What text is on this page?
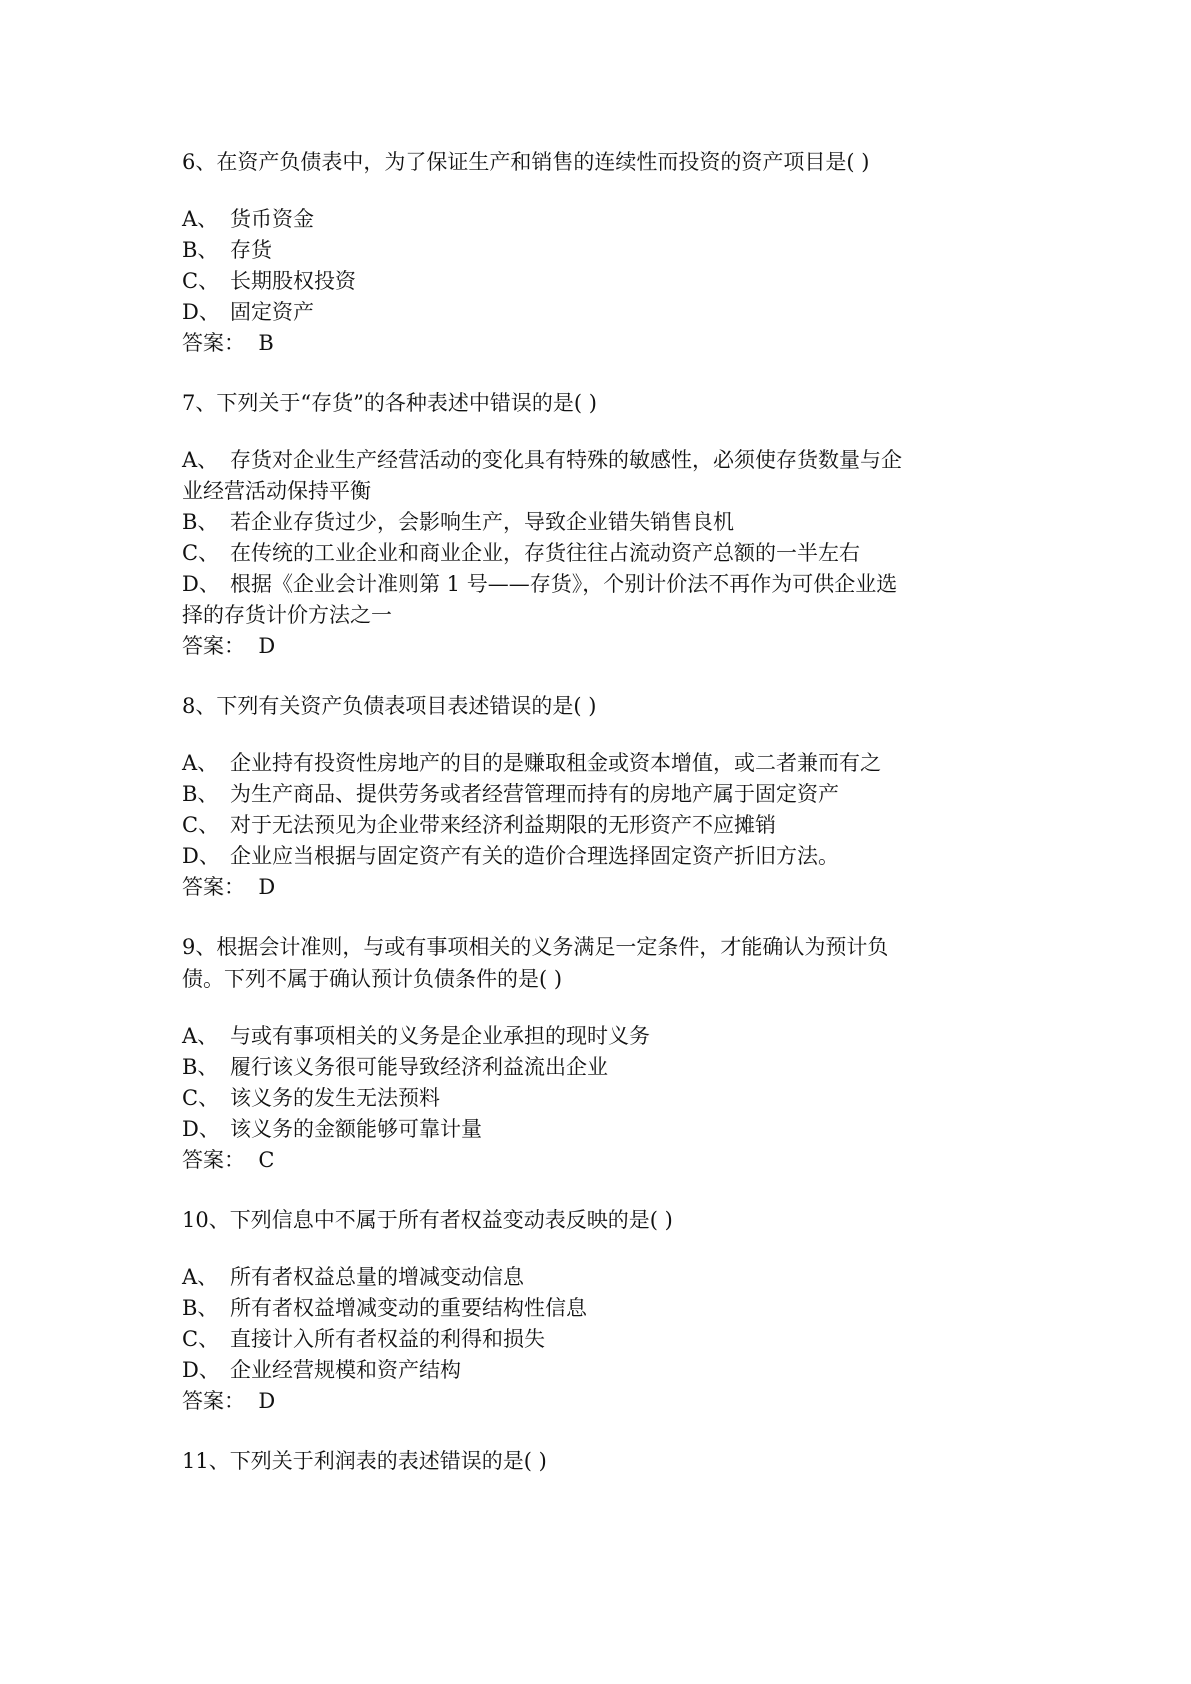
6、在资产负债表中，为了保证生产和销售的连续性而投资的资产项目是( )
A、 货币资金
B、 存货
C、 长期股权投资
D、 固定资产
答案： B
7、下列关于“存货”的各种表述中错误的是( )
A、 存货对企业生产经营活动的变化具有特殊的敏感性，必须使存货数量与企
业经营活动保持平衡
B、 若企业存货过少，会影响生产，导致企业错失销售良机
C、 在传统的工业企业和商业企业，存货往往占流动资产总额的一半左右
D、 根据《企业会计准则第 1 号——存货》，个别计价法不再作为可供企业选
择的存货计价方法之一
答案： D
8、下列有关资产负债表项目表述错误的是( )
A、 企业持有投资性房地产的目的是赚取租金或资本增值，或二者兼而有之
B、 为生产商品、提供劳务或者经营管理而持有的房地产属于固定资产
C、 对于无法预见为企业带来经济利益期限的无形资产不应摊销
D、 企业应当根据与固定资产有关的造价合理选择固定资产折旧方法。
答案： D
9、根据会计准则，与或有事项相关的义务满足一定条件，才能确认为预计负
债。下列不属于确认预计负债条件的是( )
A、 与或有事项相关的义务是企业承担的现时义务
B、 履行该义务很可能导致经济利益流出企业
C、 该义务的发生无法预料
D、 该义务的金额能够可靠计量
答案： C
10、下列信息中不属于所有者权益变动表反映的是( )
A、 所有者权益总量的增减变动信息
B、 所有者权益增减变动的重要结构性信息
C、 直接计入所有者权益的利得和损失
D、 企业经营规模和资产结构
答案： D
11、下列关于利润表的表述错误的是( )
